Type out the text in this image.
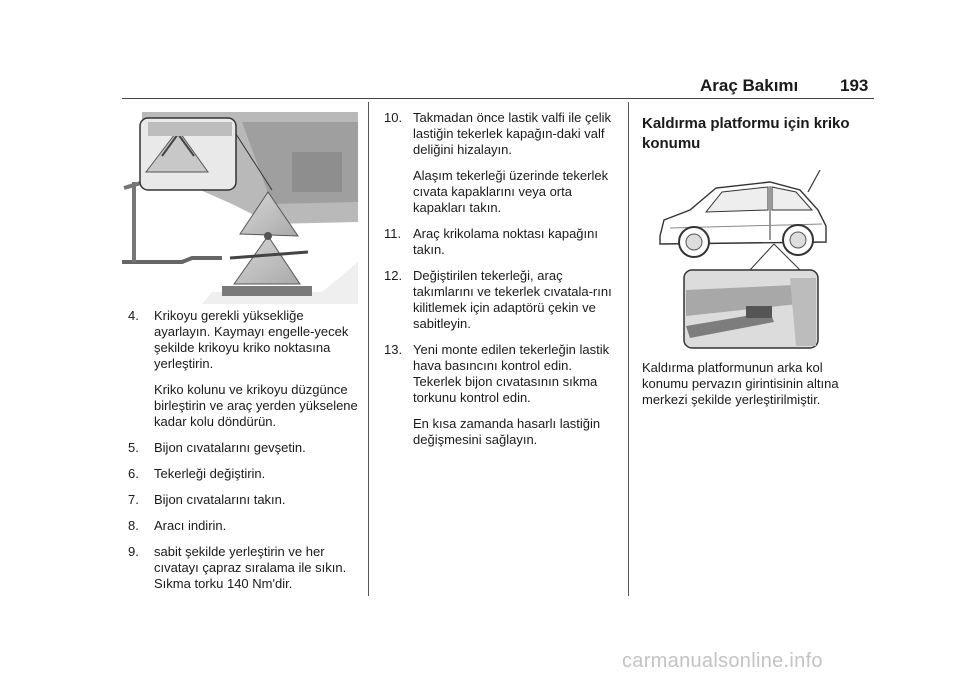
Araç Bakımı 193
4. Krikoyu gerekli yüksekliğe ayarlayın. Kaymayı engelle-yecek şekilde krikoyu kriko noktasına yerleştirin.
Kriko kolunu ve krikoyu düzgünce birleştirin ve araç yerden yükselene kadar kolu döndürün.
5. Bijon cıvatalarını gevşetin.
6. Tekerleği değiştirin.
7. Bijon cıvatalarını takın.
8. Aracı indirin.
9. sabit şekilde yerleştirin ve her cıvatayı çapraz sıralama ile sıkın. Sıkma torku 140 Nm'dir.
10. Takmadan önce lastik valfi ile çelik lastiğin tekerlek kapağın-daki valf deliğini hizalayın.
Alaşım tekerleği üzerinde tekerlek cıvata kapaklarını veya orta kapakları takın.
11. Araç krikolama noktası kapağını takın.
12. Değiştirilen tekerleği, araç takımlarını ve tekerlek cıvatala-rını kilitlemek için adaptörü çekin ve sabitleyin.
13. Yeni monte edilen tekerleğin lastik hava basıncını kontrol edin. Tekerlek bijon cıvatasının sıkma torkunu kontrol edin.
En kısa zamanda hasarlı lastiğin değişmesini sağlayın.
Kaldırma platformu için kriko konumu
Kaldırma platformunun arka kol konumu pervazın girintisinin altına merkezi şekilde yerleştirilmiştir.
carmanualsonline.info
